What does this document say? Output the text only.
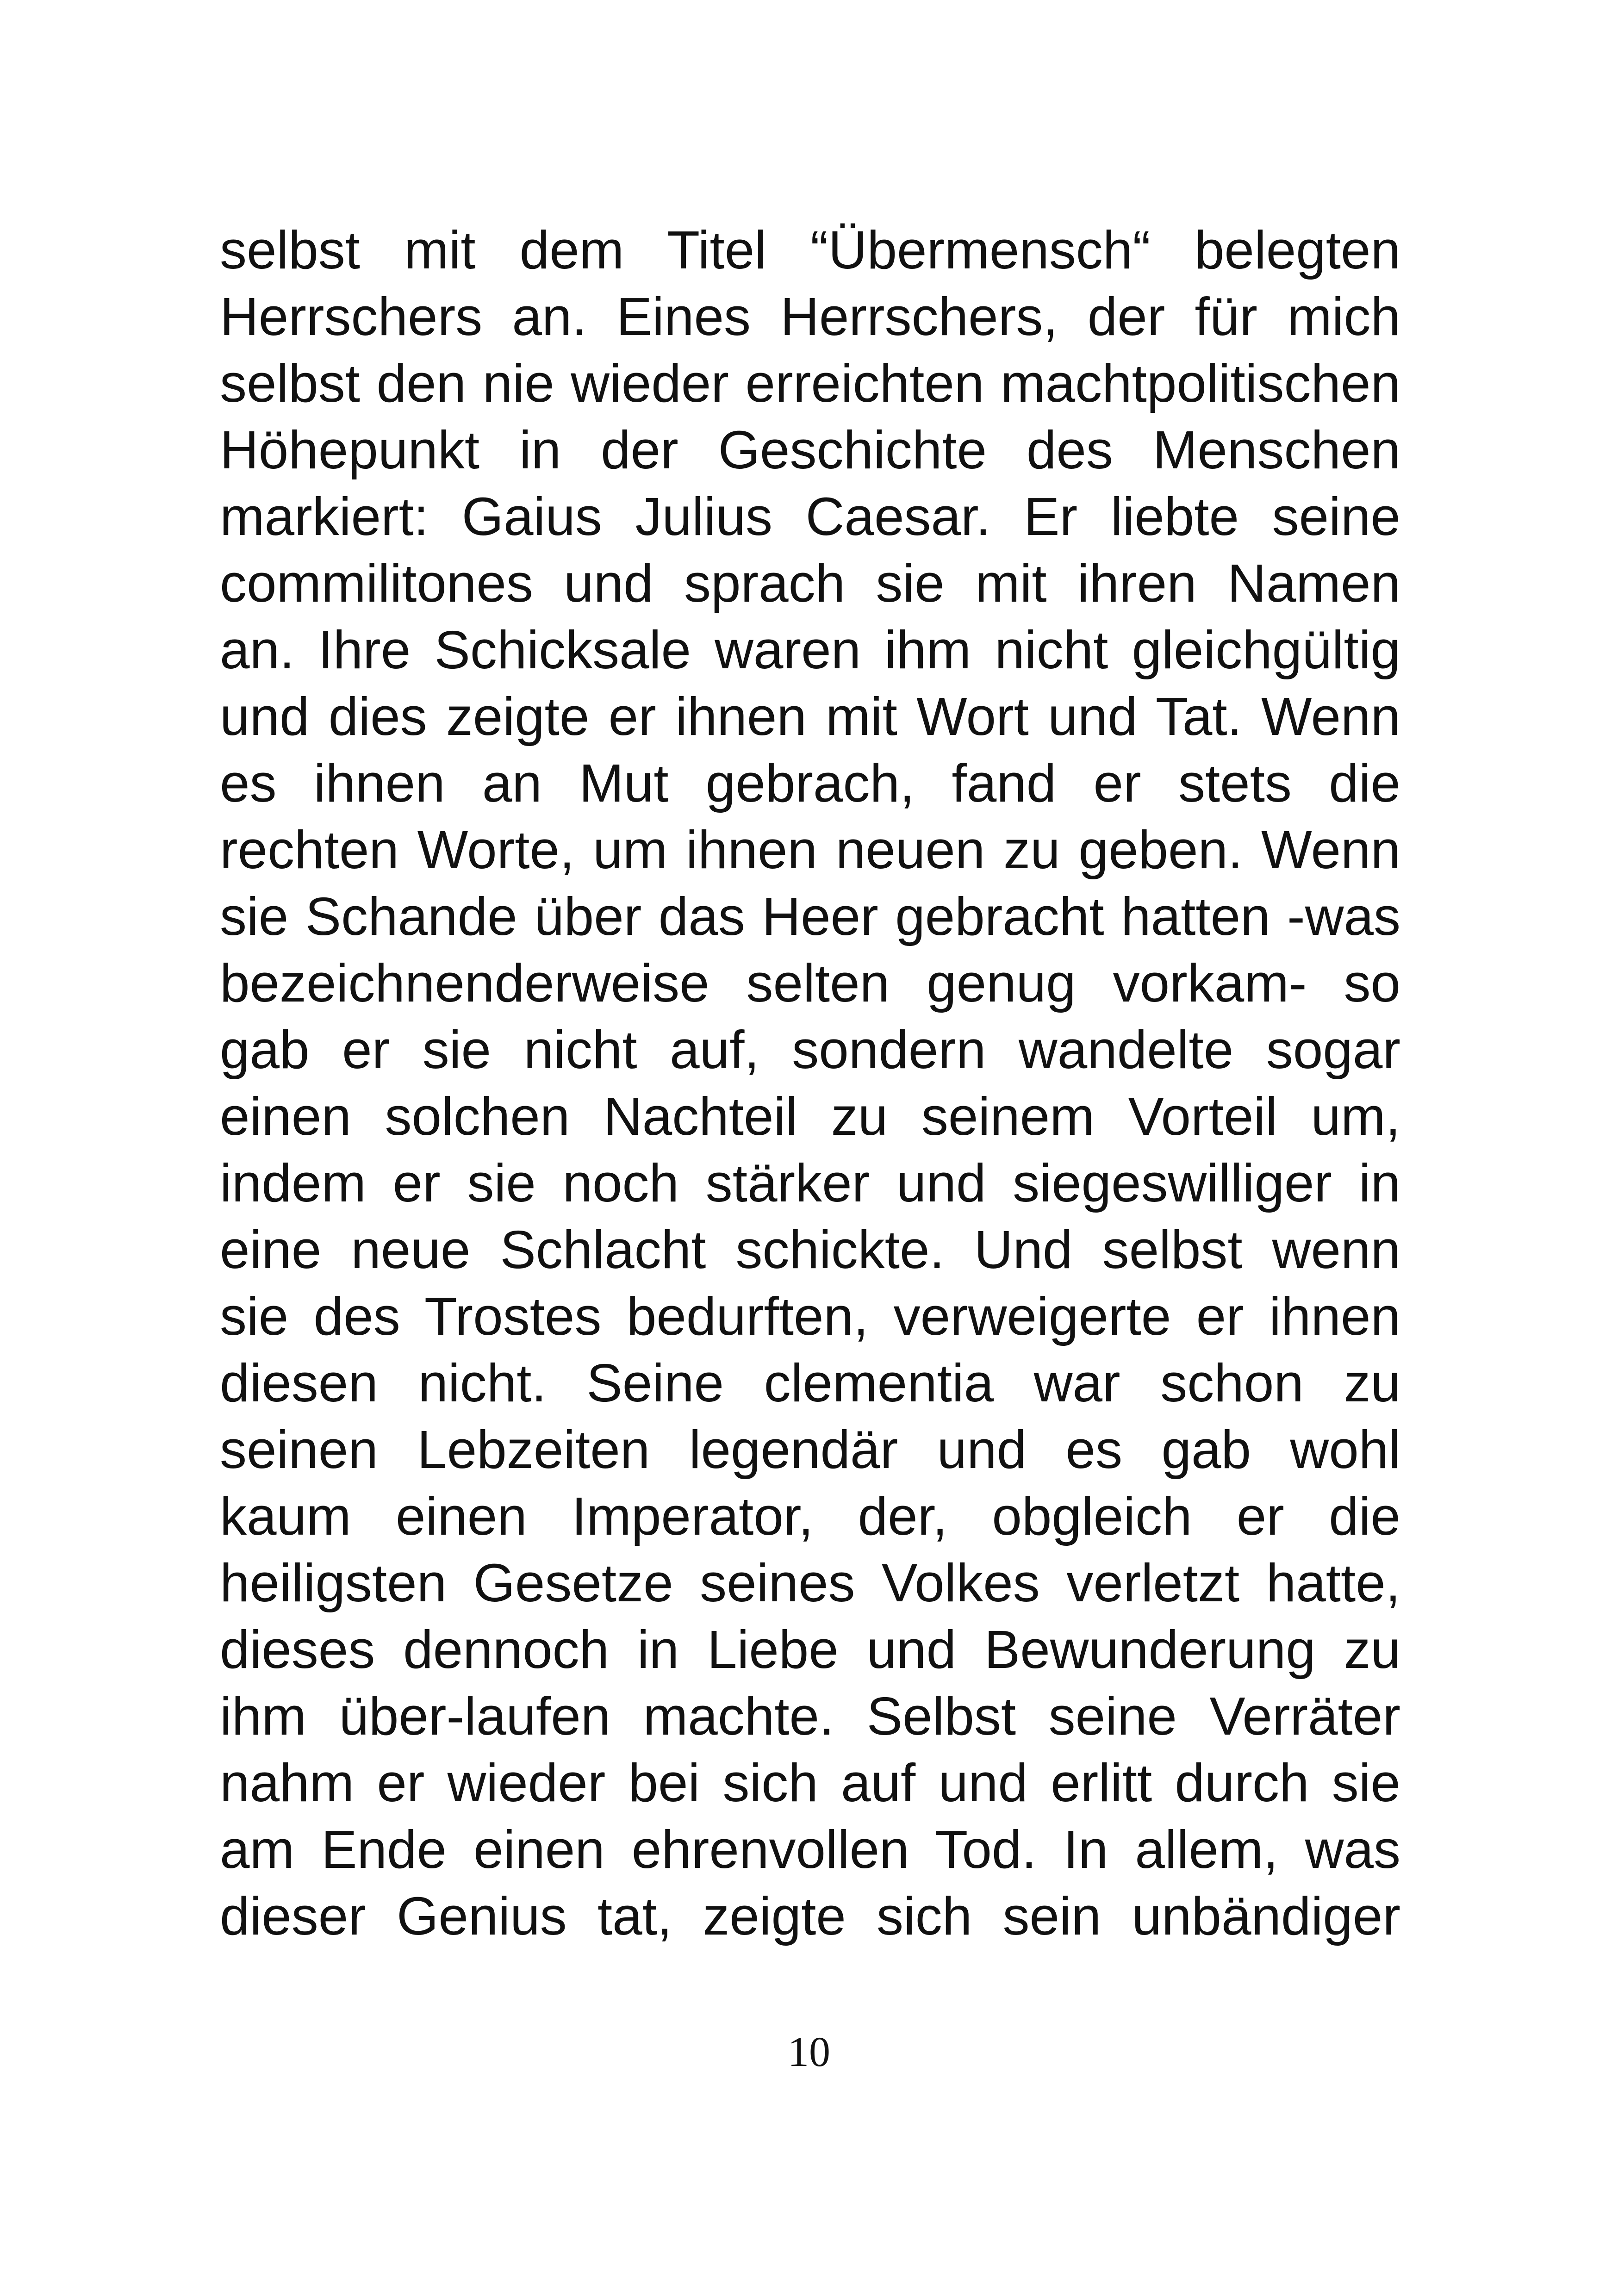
selbst mit dem Titel “Übermensch“ belegten
Herrschers an. Eines Herrschers, der für mich
selbst den nie wieder erreichten machtpolitischen
Höhepunkt in der Geschichte des Menschen
markiert: Gaius Julius Caesar. Er liebte seine
commilitones und sprach sie mit ihren Namen
an. Ihre Schicksale waren ihm nicht gleichgültig
und dies zeigte er ihnen mit Wort und Tat. Wenn
es ihnen an Mut gebrach, fand er stets die
rechten Worte, um ihnen neuen zu geben. Wenn
sie Schande über das Heer gebracht hatten -was
bezeichnenderweise selten genug vorkam- so
gab er sie nicht auf, sondern wandelte sogar
einen solchen Nachteil zu seinem Vorteil um,
indem er sie noch stärker und siegeswilliger in
eine neue Schlacht schickte. Und selbst wenn
sie des Trostes bedurften, verweigerte er ihnen
diesen nicht. Seine clementia war schon zu
seinen Lebzeiten legendär und es gab wohl
kaum einen Imperator, der, obgleich er die
heiligsten Gesetze seines Volkes verletzt hatte,
dieses dennoch in Liebe und Bewunderung zu
ihm über-laufen machte. Selbst seine Verräter
nahm er wieder bei sich auf und erlitt durch sie
am Ende einen ehrenvollen Tod. In allem, was
dieser Genius tat, zeigte sich sein unbändiger
10
